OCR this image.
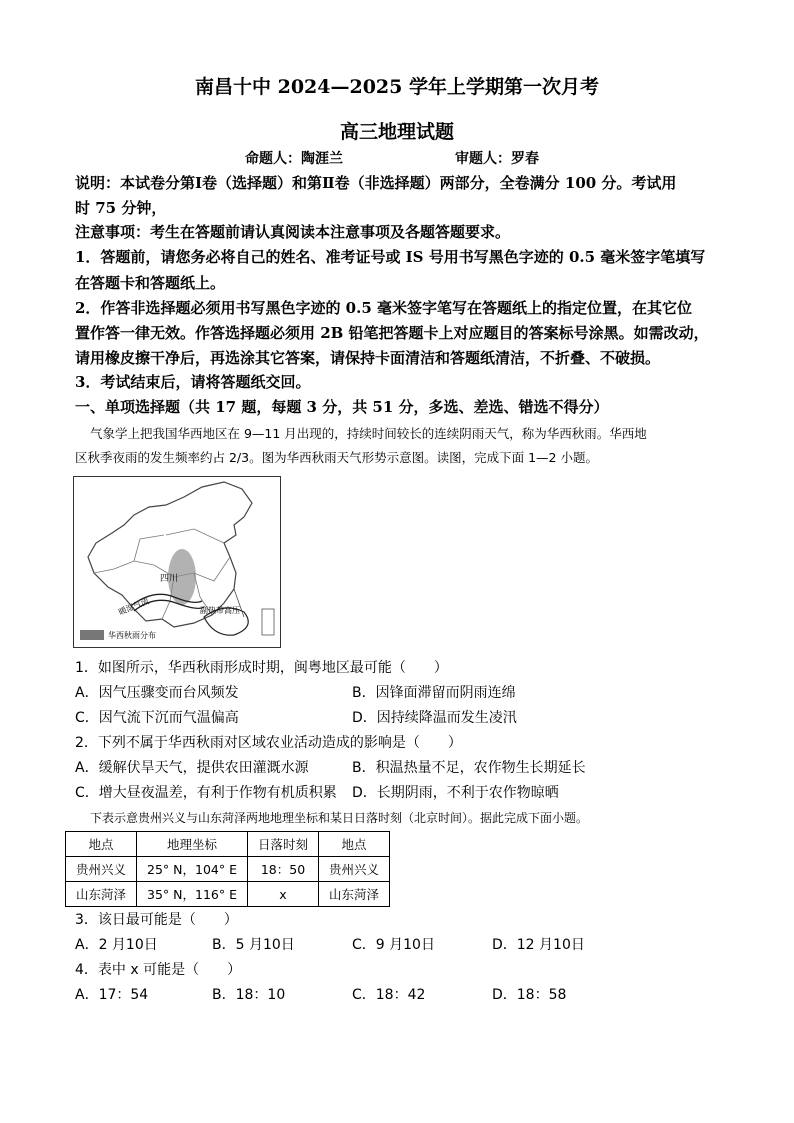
南昌十中 2024—2025 学年上学期第一次月考
高三地理试题
命题人：陶涯兰	审题人：罗春
说明：本试卷分第Ⅰ卷（选择题）和第Ⅱ卷（非选择题）两部分，全卷满分 100 分。考试用
时 75 分钟，
注意事项：考生在答题前请认真阅读本注意事项及各题答题要求。
1．答题前，请您务必将自己的姓名、准考证号或 IS 号用书写黑色字迹的 0.5 毫米签字笔填写
在答题卡和答题纸上。
2．作答非选择题必须用书写黑色字迹的 0.5 毫米签字笔写在答题纸上的指定位置，在其它位
置作答一律无效。作答选择题必须用 2B 铅笔把答题卡上对应题目的答案标号涂黑。如需改动，
请用橡皮擦干净后，再选涂其它答案，请保持卡面清洁和答题纸清洁，不折叠、不破损。
3．考试结束后，请将答题纸交回。
一、单项选择题（共 17 题，每题 3 分，共 51 分，多选、差选、错选不得分）
气象学上把我国华西地区在 9—11 月出现的，持续时间较长的连续阴雨天气，称为华西秋雨。华西地
区秋季夜雨的发生频率约占 2/3。图为华西秋雨天气形势示意图。读图，完成下面 1—2 小题。
四川
暖湿气流	副热带高压
华西秋雨分布
1．如图所示，华西秋雨形成时期，闽粤地区最可能（　　）
A．因气压骤变而台风频发	B．因锋面滞留而阴雨连绵
C．因气流下沉而气温偏高	D．因持续降温而发生凌汛
2．下列不属于华西秋雨对区域农业活动造成的影响是（　　）
A．缓解伏旱天气，提供农田灌溉水源	B．积温热量不足，农作物生长期延长
C．增大昼夜温差，有利于作物有机质积累 D．长期阴雨，不利于农作物晾晒
下表示意贵州兴义与山东菏泽两地地理坐标和某日日落时刻（北京时间）。据此完成下面小题。
地点	地理坐标	日落时刻	地点
贵州兴义	25° N，104° E	18：50	贵州兴义
山东菏泽	35° N，116° E	x	山东菏泽
3．该日最可能是（　　）
A．2 月10日	B．5 月10日	C．9 月10日	D．12 月10日
4．表中 x 可能是（　　）
A．17：54	B．18：10	C．18：42	D．18：58
